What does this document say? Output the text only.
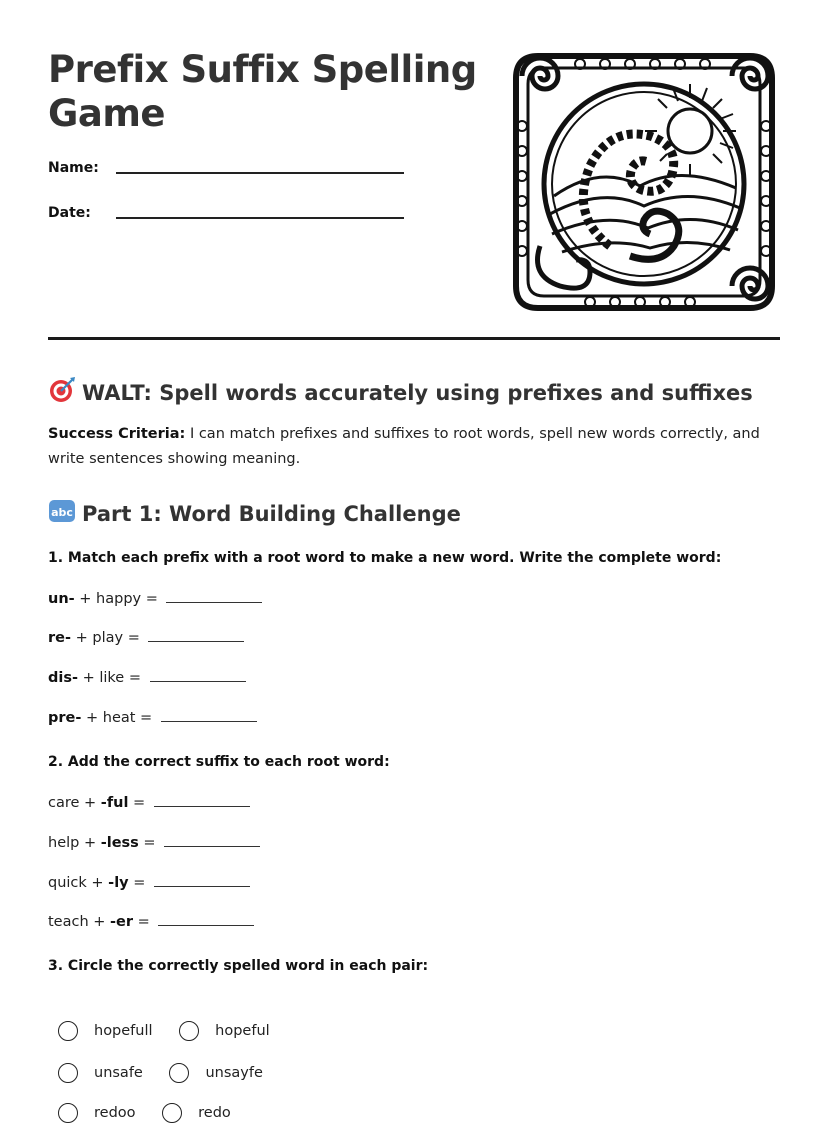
Prefix Suffix Spelling Game
Name:
Date:
WALT: Spell words accurately using prefixes and suffixes
Success Criteria: I can match prefixes and suffixes to root words, spell new words correctly, and write sentences showing meaning.
abc Part 1: Word Building Challenge
1. Match each prefix with a root word to make a new word. Write the complete word:
un- + happy =
re- + play =
dis- + like =
pre- + heat =
2. Add the correct suffix to each root word:
care + -ful =
help + -less =
quick + -ly =
teach + -er =
3. Circle the correctly spelled word in each pair:
hopefull
	hopeful
unsafe
	unsayfe
redoo
	redo
